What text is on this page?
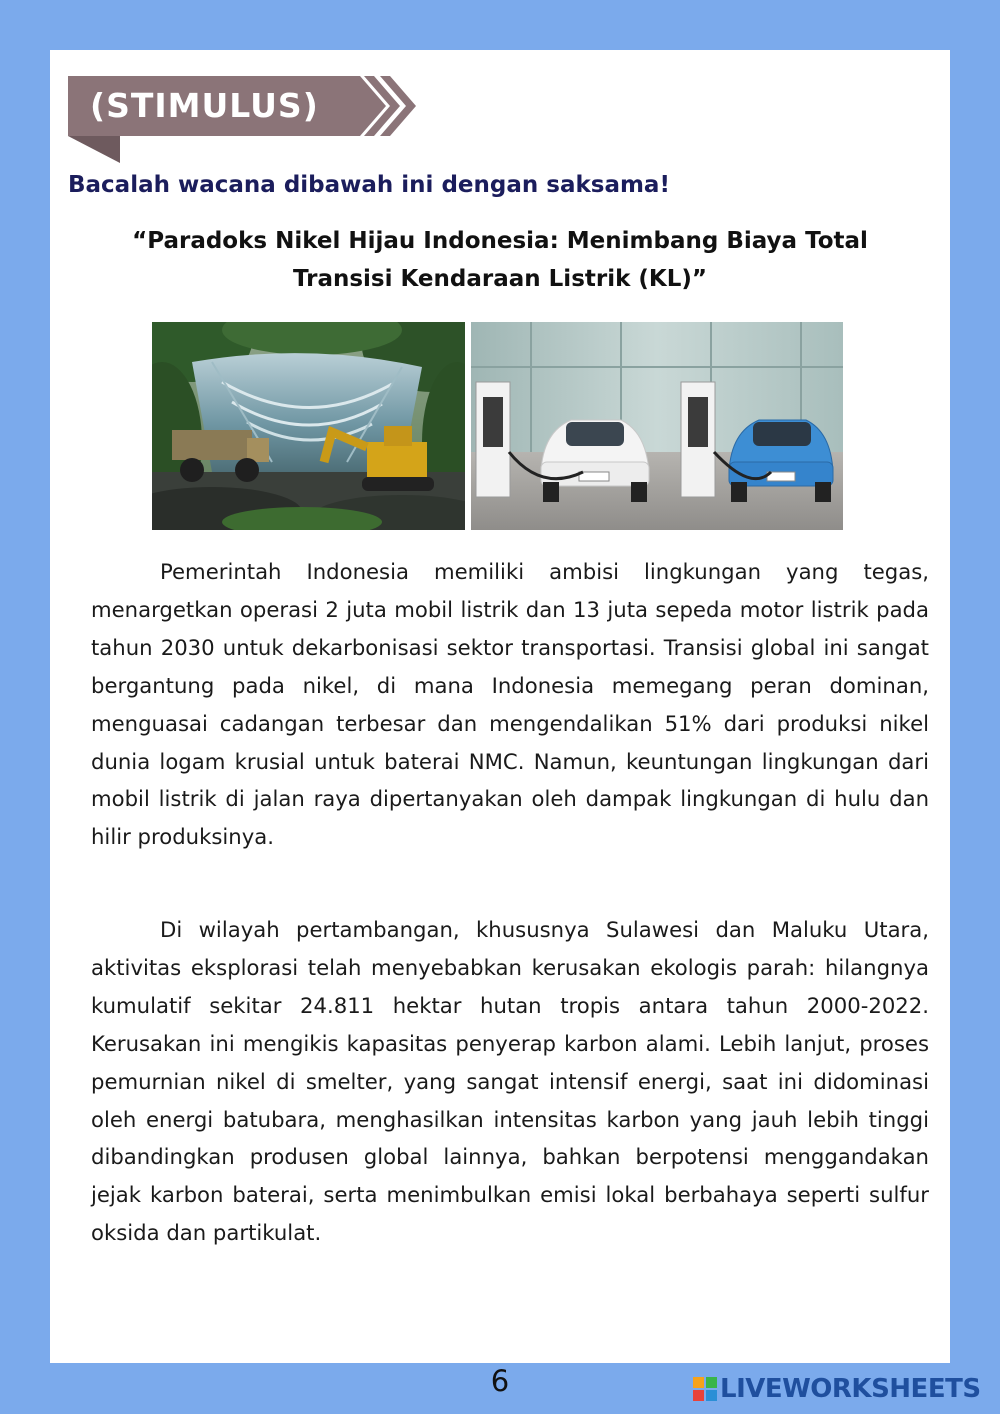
(STIMULUS)
Bacalah wacana dibawah ini dengan saksama!
“Paradoks Nikel Hijau Indonesia: Menimbang Biaya Total
Transisi Kendaraan Listrik (KL)”

Pemerintah Indonesia memiliki ambisi lingkungan yang tegas, menargetkan operasi 2 juta mobil listrik dan 13 juta sepeda motor listrik pada tahun 2030 untuk dekarbonisasi sektor transportasi. Transisi global ini sangat bergantung pada nikel, di mana Indonesia memegang peran dominan, menguasai cadangan terbesar dan mengendalikan 51% dari produksi nikel dunia logam krusial untuk baterai NMC. Namun, keuntungan lingkungan dari mobil listrik di jalan raya dipertanyakan oleh dampak lingkungan di hulu dan hilir produksinya.

Di wilayah pertambangan, khususnya Sulawesi dan Maluku Utara, aktivitas eksplorasi telah menyebabkan kerusakan ekologis parah: hilangnya kumulatif sekitar 24.811 hektar hutan tropis antara tahun 2000-2022. Kerusakan ini mengikis kapasitas penyerap karbon alami. Lebih lanjut, proses pemurnian nikel di smelter, yang sangat intensif energi, saat ini didominasi oleh energi batubara, menghasilkan intensitas karbon yang jauh lebih tinggi dibandingkan produsen global lainnya, bahkan berpotensi menggandakan jejak karbon baterai, serta menimbulkan emisi lokal berbahaya seperti sulfur oksida dan partikulat.

6	LIVEWORKSHEETS
